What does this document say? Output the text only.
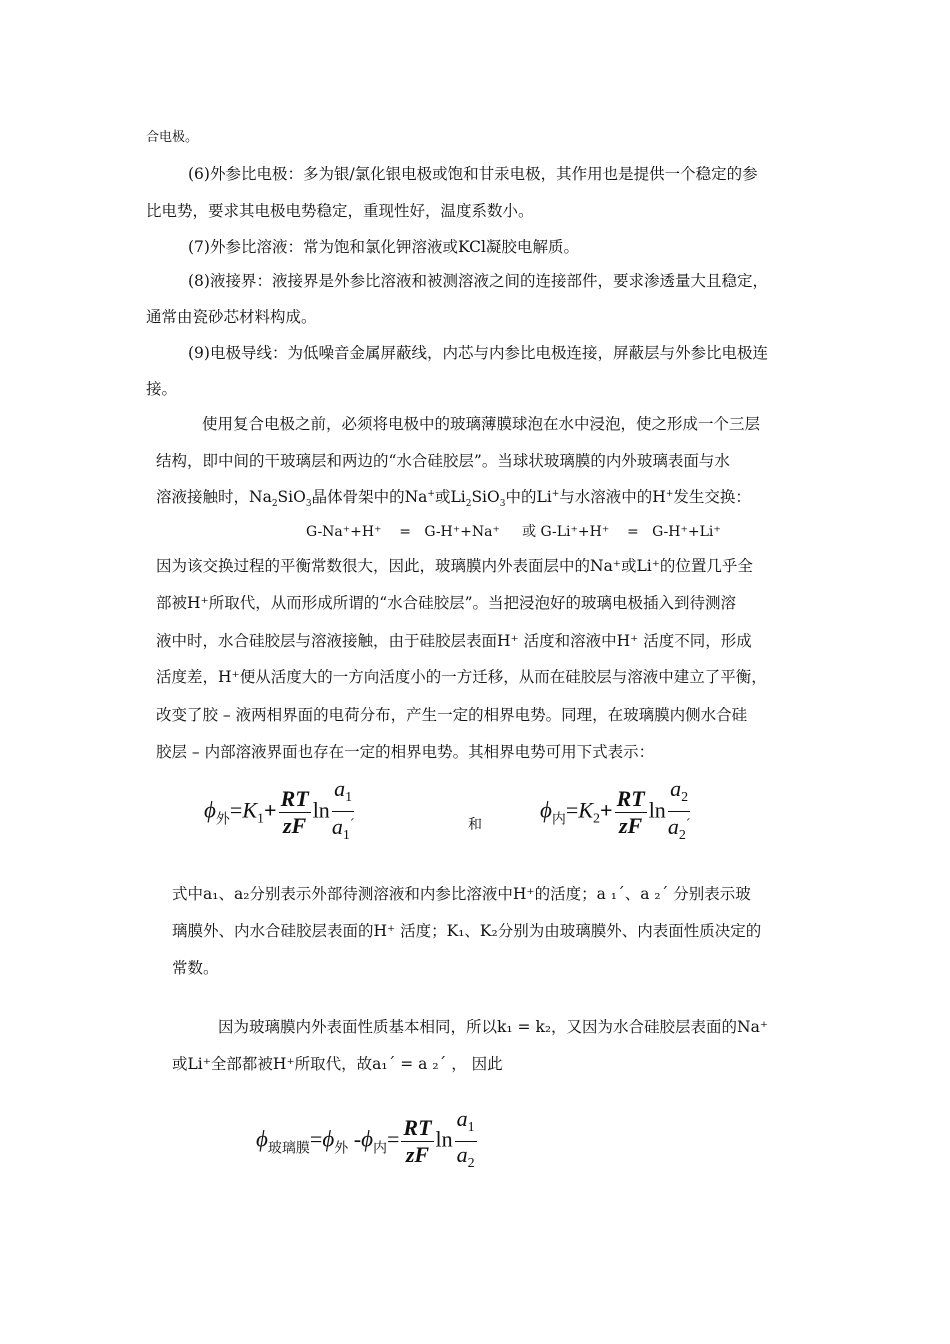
合电极。
(6)外参比电极：多为银/氯化银电极或饱和甘汞电极，其作用也是提供一个稳定的参
比电势，要求其电极电势稳定，重现性好，温度系数小。
(7)外参比溶液：常为饱和氯化钾溶液或KCl凝胶电解质。
(8)液接界：液接界是外参比溶液和被测溶液之间的连接部件，要求渗透量大且稳定，
通常由瓷砂芯材料构成。
(9)电极导线：为低噪音金属屏蔽线，内芯与内参比电极连接，屏蔽层与外参比电极连
接。
使用复合电极之前，必须将电极中的玻璃薄膜球泡在水中浸泡，使之形成一个三层
结构，即中间的干玻璃层和两边的“水合硅胶层”。当球状玻璃膜的内外玻璃表面与水
溶液接触时，$Na_2SiO_3$晶体骨架中的Na+或$Li_2SiO_3$中的Li+与水溶液中的H+发生交换：
G-Na⁺+H⁺    =   G-H⁺+Na⁺     或 G-Li⁺+H⁺    =   G-H⁺+Li⁺
因为该交换过程的平衡常数很大，因此，玻璃膜内外表面层中的Na⁺或Li⁺的位置几乎全
部被H⁺所取代，从而形成所谓的“水合硅胶层”。当把浸泡好的玻璃电极插入到待测溶
液中时，水合硅胶层与溶液接触，由于硅胶层表面H⁺ 活度和溶液中H⁺ 活度不同，形成
活度差，H⁺便从活度大的一方向活度小的一方迁移，从而在硅胶层与溶液中建立了平衡，
改变了胶 – 液两相界面的电荷分布，产生一定的相界电势。同理，在玻璃膜内侧水合硅
胶层 – 内部溶液界面也存在一定的相界电势。其相界电势可用下式表示：
$\phi_外=K_1+ \frac{RT}{zF}$ $\ln \frac{a_1}{a_1^´}$	和
$\phi_内=K_2+ \frac{RT}{zF}$ $\ln \frac{a_2}{a_2^´}$
式中a₁、a₂分别表示外部待测溶液和内参比溶液中H⁺的活度；a ₁´、a ₂´ 分别表示玻
璃膜外、内水合硅胶层表面的H⁺ 活度；K₁、K₂分别为由玻璃膜外、内表面性质决定的
常数。
因为玻璃膜内外表面性质基本相同，所以k₁ = k₂，又因为水合硅胶层表面的Na⁺
或Li⁺全部都被H⁺所取代，故a₁´ = a ₂´ ， 因此
$\phi_{玻璃膜}=\phi_外$ $-\phi_内= \frac{RT}{zF}$ $\ln \frac{a_1}{a_2}$
